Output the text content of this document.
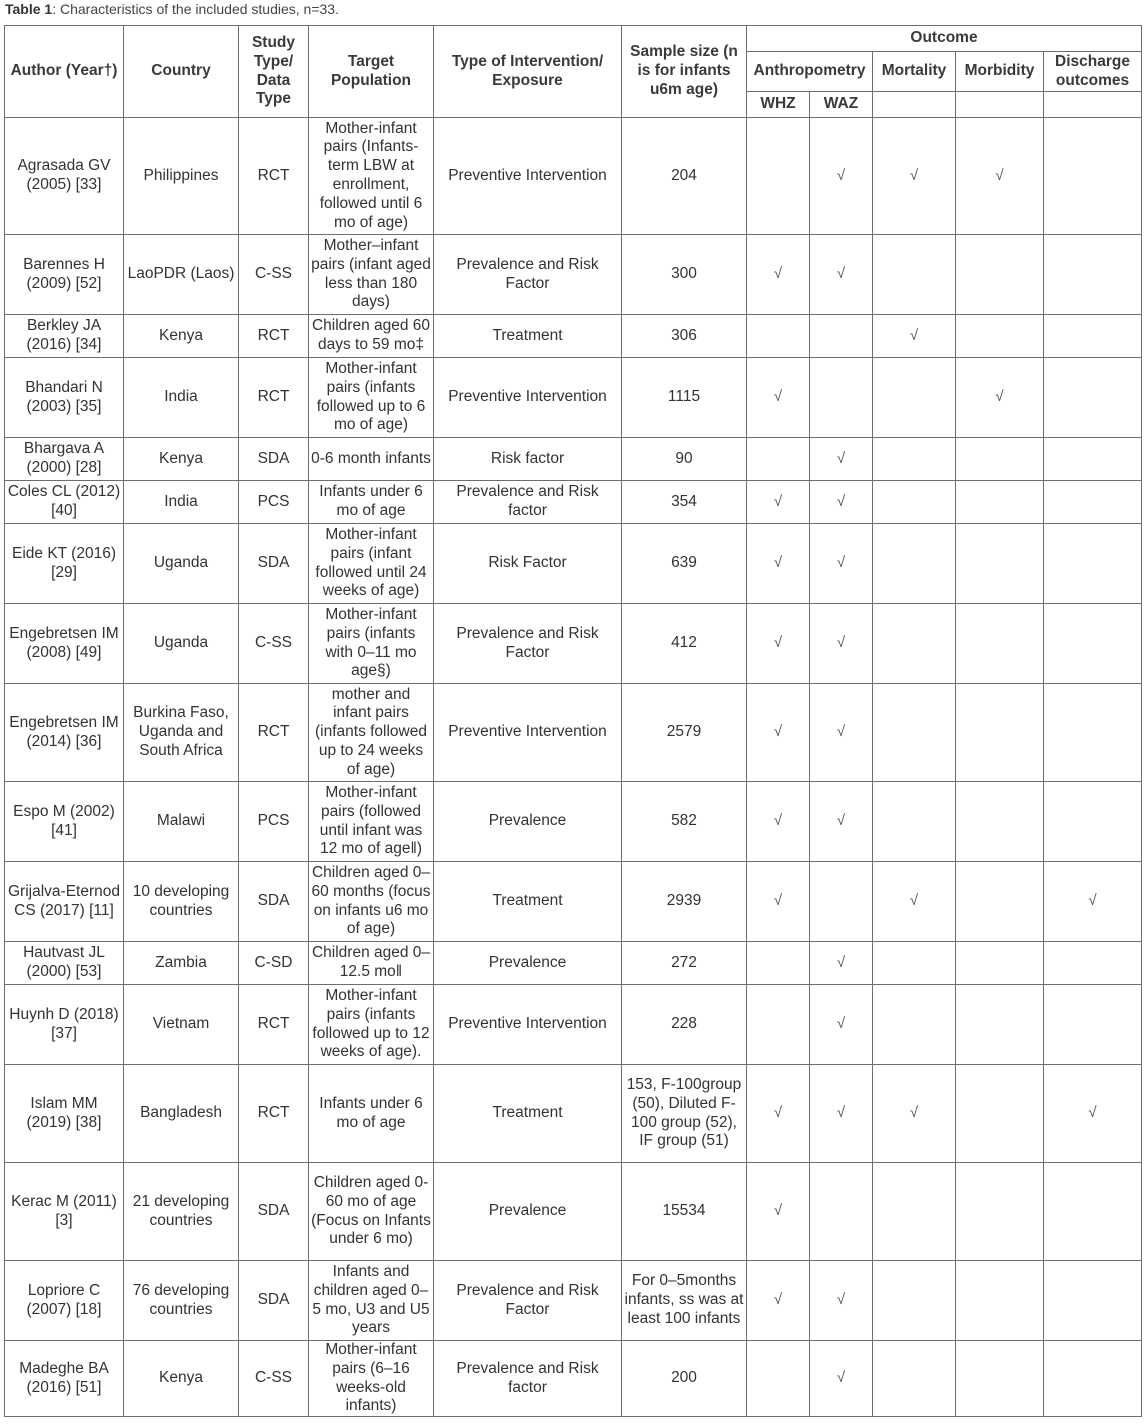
Table 1: Characteristics of the included studies, n=33.
Author (Year†)	Country	Study Type/ Data Type	Target Population	Type of Intervention/ Exposure	Sample size (n is for infants u6m age)	Outcome				
						Anthropometry		Mortality	Morbidity	Discharge outcomes
						WHZ	WAZ			
Agrasada GV (2005) [33]	Philippines	RCT	Mother-infant pairs (Infants-term LBW at enrollment, followed until 6 mo of age)	Preventive Intervention	204		√	√	√	
Barennes H (2009) [52]	LaoPDR (Laos)	C-SS	Mother–infant pairs (infant aged less than 180 days)	Prevalence and Risk Factor	300	√	√			
Berkley JA (2016) [34]	Kenya	RCT	Children aged 60 days to 59 mo‡	Treatment	306			√		
Bhandari N (2003) [35]	India	RCT	Mother-infant pairs (infants followed up to 6 mo of age)	Preventive Intervention	1115	√			√	
Bhargava A (2000) [28]	Kenya	SDA	0-6 month infants	Risk factor	90		√			
Coles CL (2012) [40]	India	PCS	Infants under 6 mo of age	Prevalence and Risk factor	354	√	√			
Eide KT (2016) [29]	Uganda	SDA	Mother-infant pairs (infant followed until 24 weeks of age)	Risk Factor	639	√	√			
Engebretsen IM (2008) [49]	Uganda	C-SS	Mother-infant pairs (infants with 0–11 mo age§)	Prevalence and Risk Factor	412	√	√			
Engebretsen IM (2014) [36]	Burkina Faso, Uganda and South Africa	RCT	mother and infant pairs (infants followed up to 24 weeks of age)	Preventive Intervention	2579	√	√			
Espo M (2002) [41]	Malawi	PCS	Mother-infant pairs (followed until infant was 12 mo of age‖)	Prevalence	582	√	√			
Grijalva-Eternod CS (2017) [11]	10 developing countries	SDA	Children aged 0–60 months (focus on infants u6 mo of age)	Treatment	2939	√		√		√
Hautvast JL (2000) [53]	Zambia	C-SD	Children aged 0–12.5 mo‖	Prevalence	272		√			
Huynh D (2018) [37]	Vietnam	RCT	Mother-infant pairs (infants followed up to 12 weeks of age).	Preventive Intervention	228		√			
Islam MM (2019) [38]	Bangladesh	RCT	Infants under 6 mo of age	Treatment	153, F-100group (50), Diluted F-100 group (52), IF group (51)	√	√	√		√
Kerac M (2011) [3]	21 developing countries	SDA	Children aged 0-60 mo of age (Focus on Infants under 6 mo)	Prevalence	15534	√				
Lopriore C (2007) [18]	76 developing countries	SDA	Infants and children aged 0–5 mo, U3 and U5 years	Prevalence and Risk Factor	For 0–5months infants, ss was at least 100 infants	√	√			
Madeghe BA (2016) [51]	Kenya	C-SS	Mother-infant pairs (6–16 weeks-old infants)	Prevalence and Risk factor	200		√			
